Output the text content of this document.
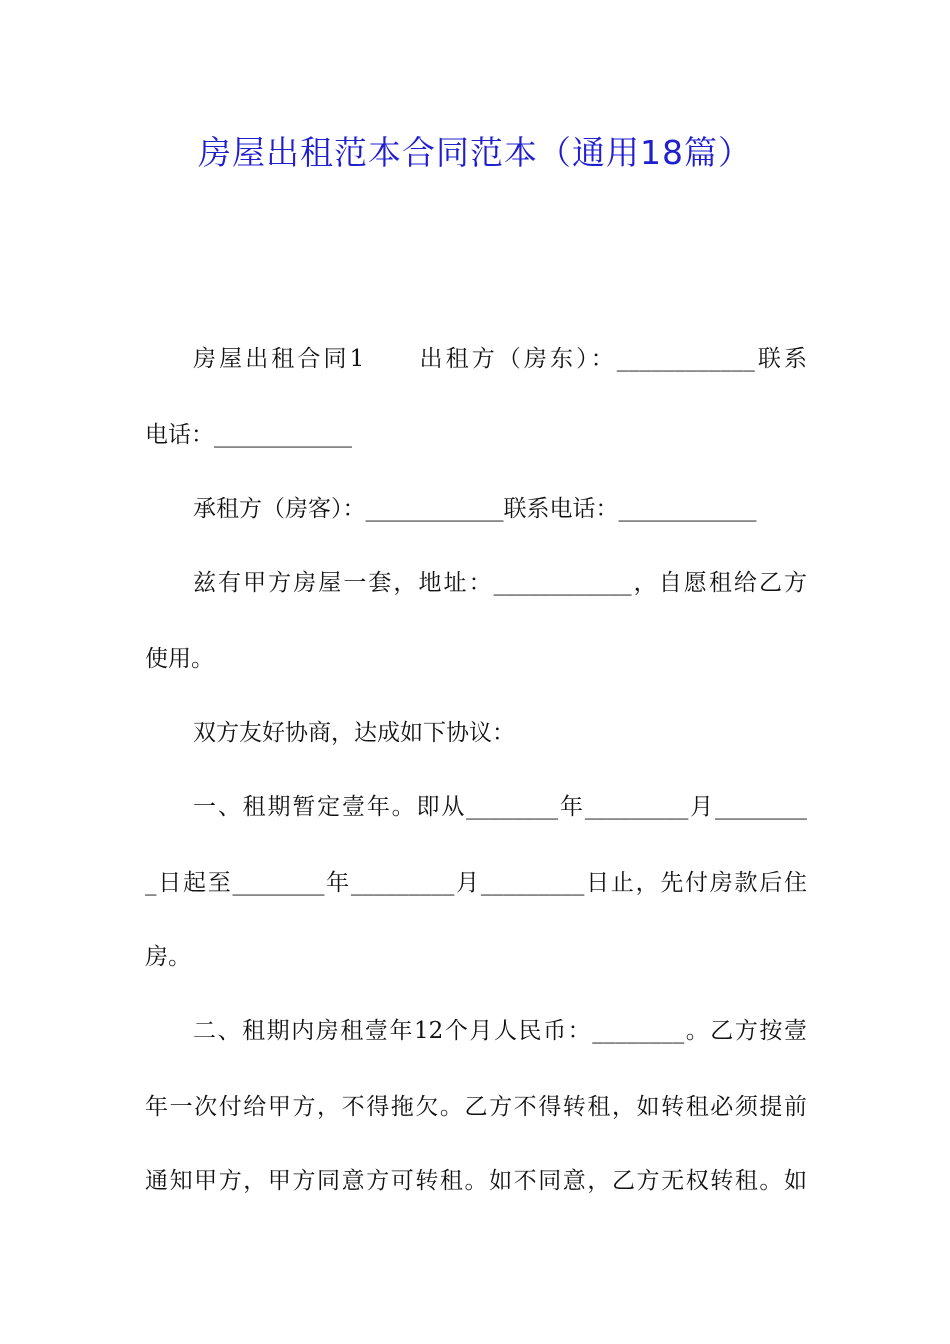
房屋出租范本合同范本（通用18篇）
房屋出租合同1　　出租方（房东）：____________联系
电话：____________
承租方（房客）：____________联系电话：____________
兹有甲方房屋一套，地址：____________，自愿租给乙方
使用。
双方友好协商，达成如下协议：
一、租期暂定壹年。即从________年_________月________
_日起至________年_________月_________日止，先付房款后住
房。
二、租期内房租壹年12个月人民币：________。乙方按壹
年一次付给甲方，不得拖欠。乙方不得转租，如转租必须提前
通知甲方，甲方同意方可转租。如不同意，乙方无权转租。如
